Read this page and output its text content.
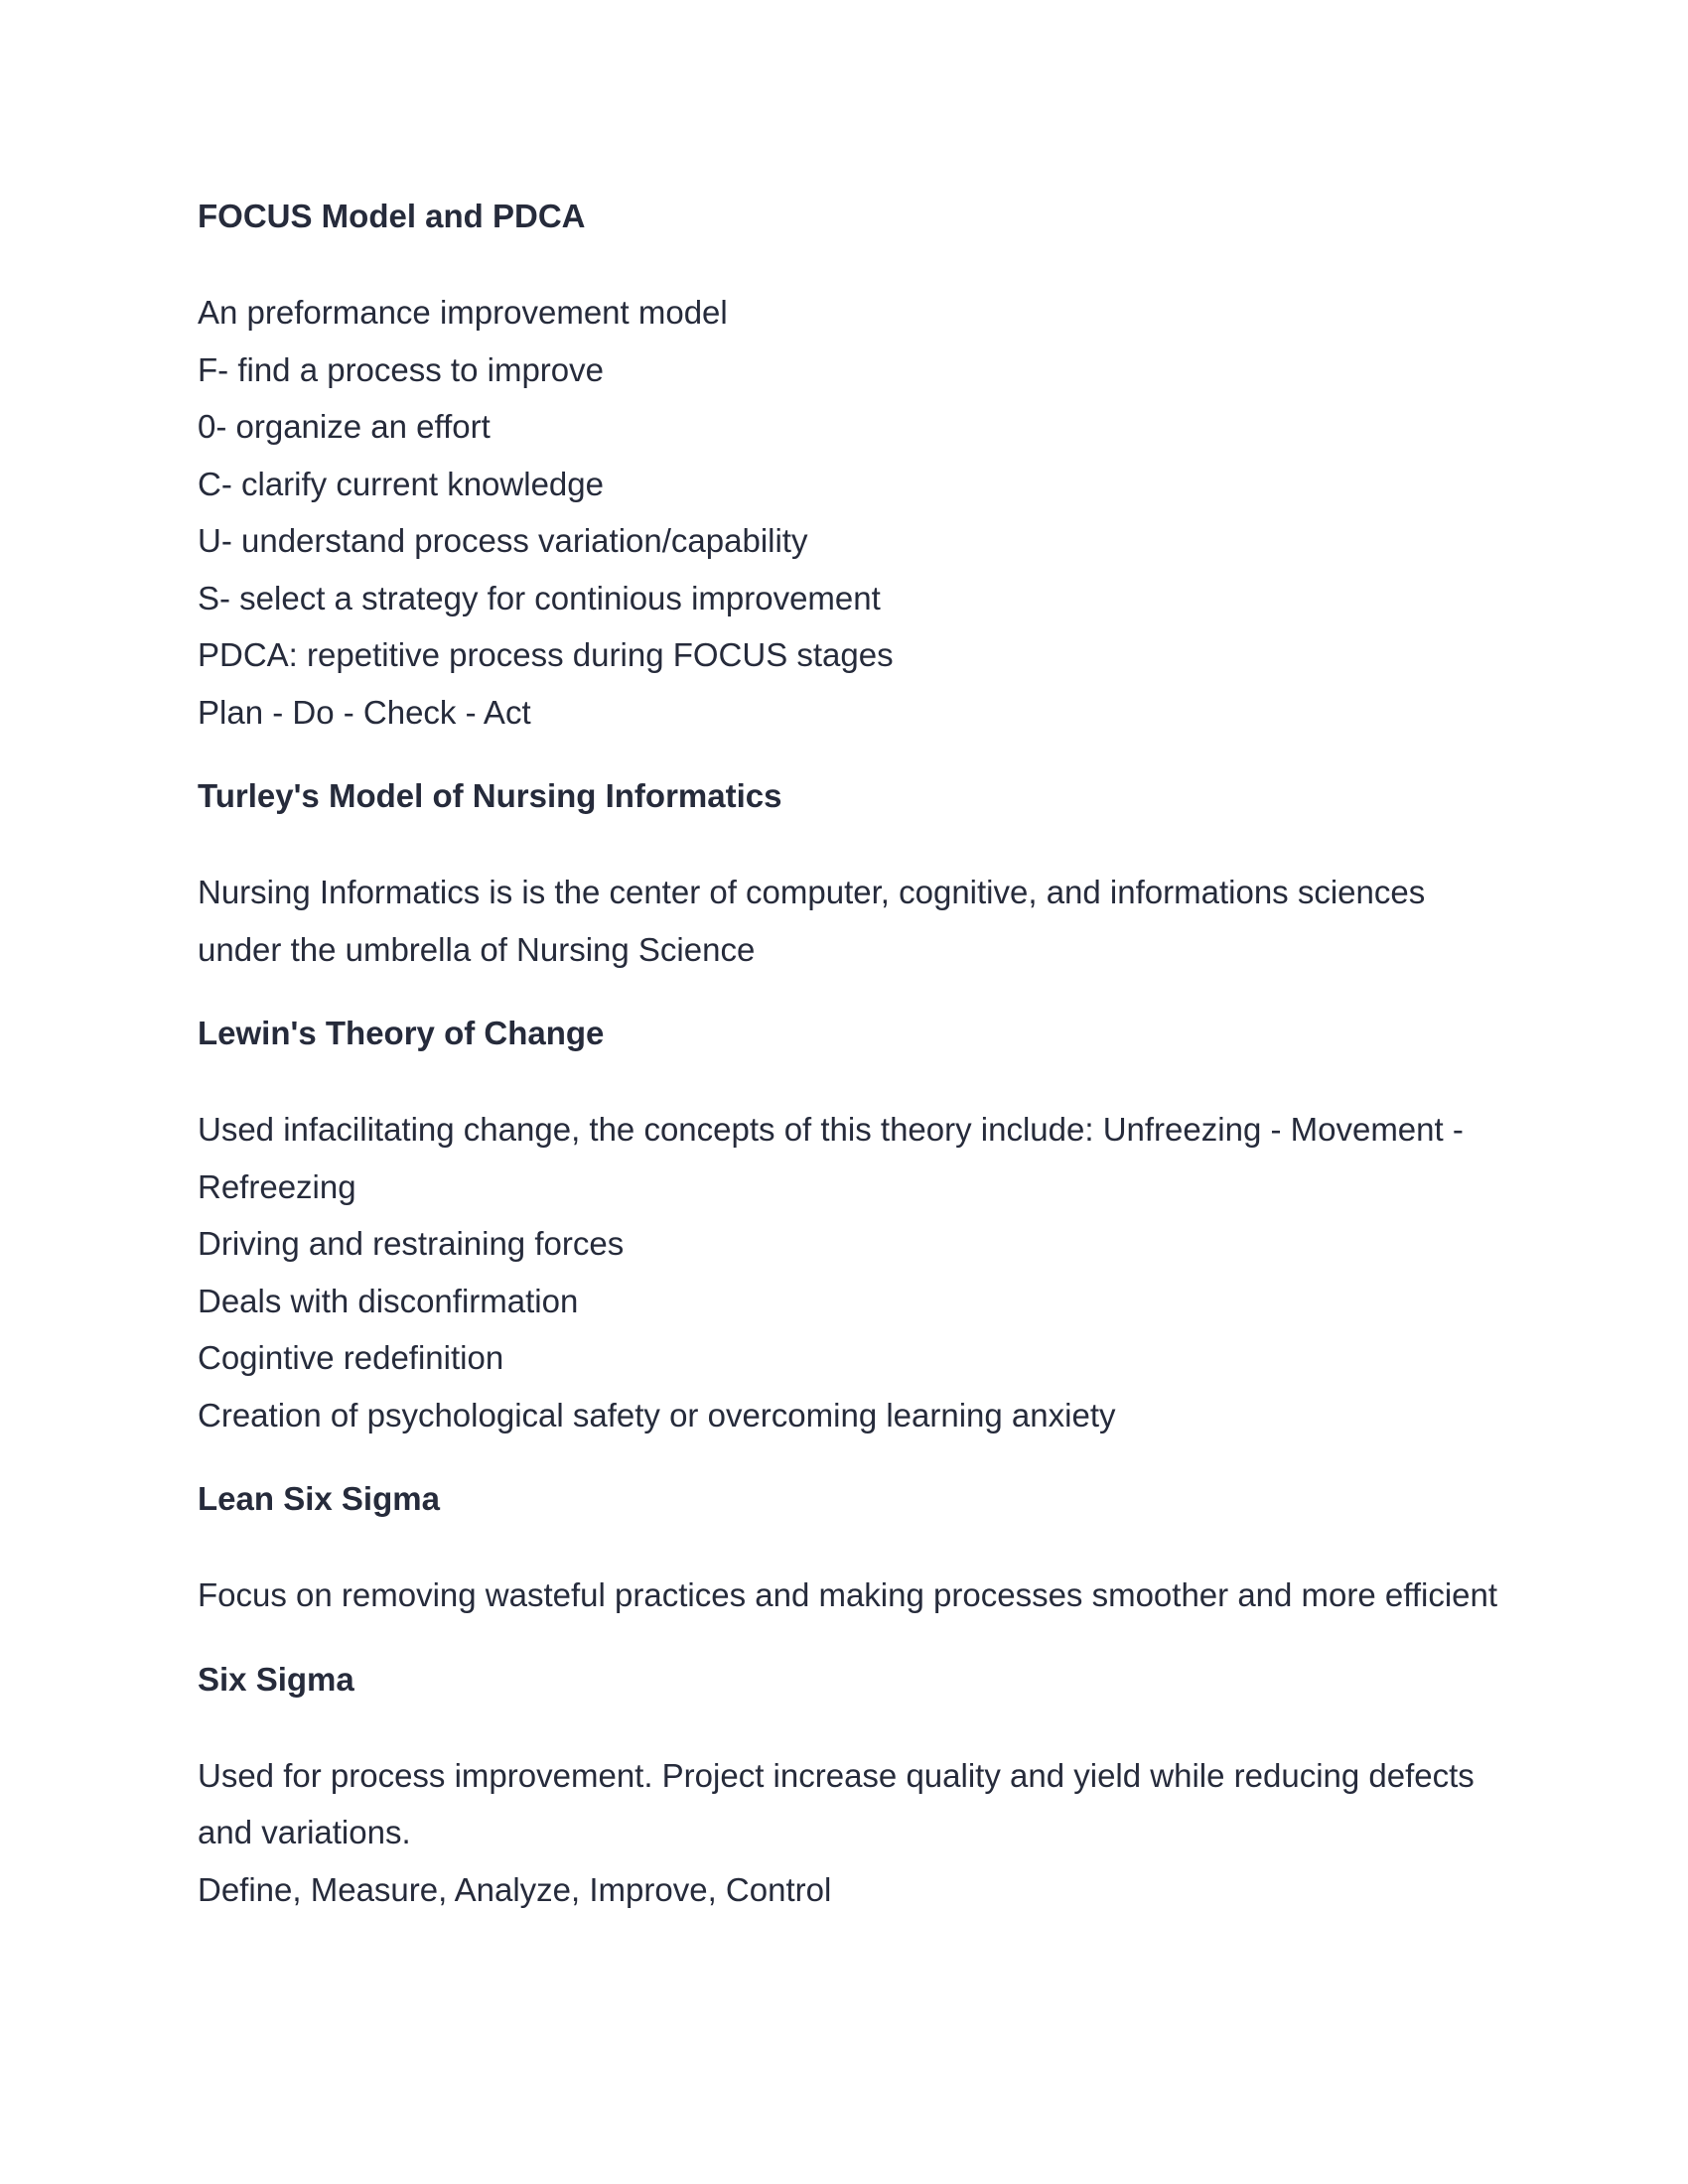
FOCUS Model and PDCA
An preformance improvement model
F- find a process to improve
0- organize an effort
C- clarify current knowledge
U- understand process variation/capability
S- select a strategy for continious improvement
PDCA: repetitive process during FOCUS stages
Plan - Do - Check - Act
Turley's Model of Nursing Informatics
Nursing Informatics is is the center of computer, cognitive, and informations sciences under the umbrella of Nursing Science
Lewin's Theory of Change
Used infacilitating change, the concepts of this theory include: Unfreezing - Movement - Refreezing
Driving and restraining forces
Deals with disconfirmation
Cogintive redefinition
Creation of psychological safety or overcoming learning anxiety
Lean Six Sigma
Focus on removing wasteful practices and making processes smoother and more efficient
Six Sigma
Used for process improvement. Project increase quality and yield while reducing defects and variations.
Define, Measure, Analyze, Improve, Control
